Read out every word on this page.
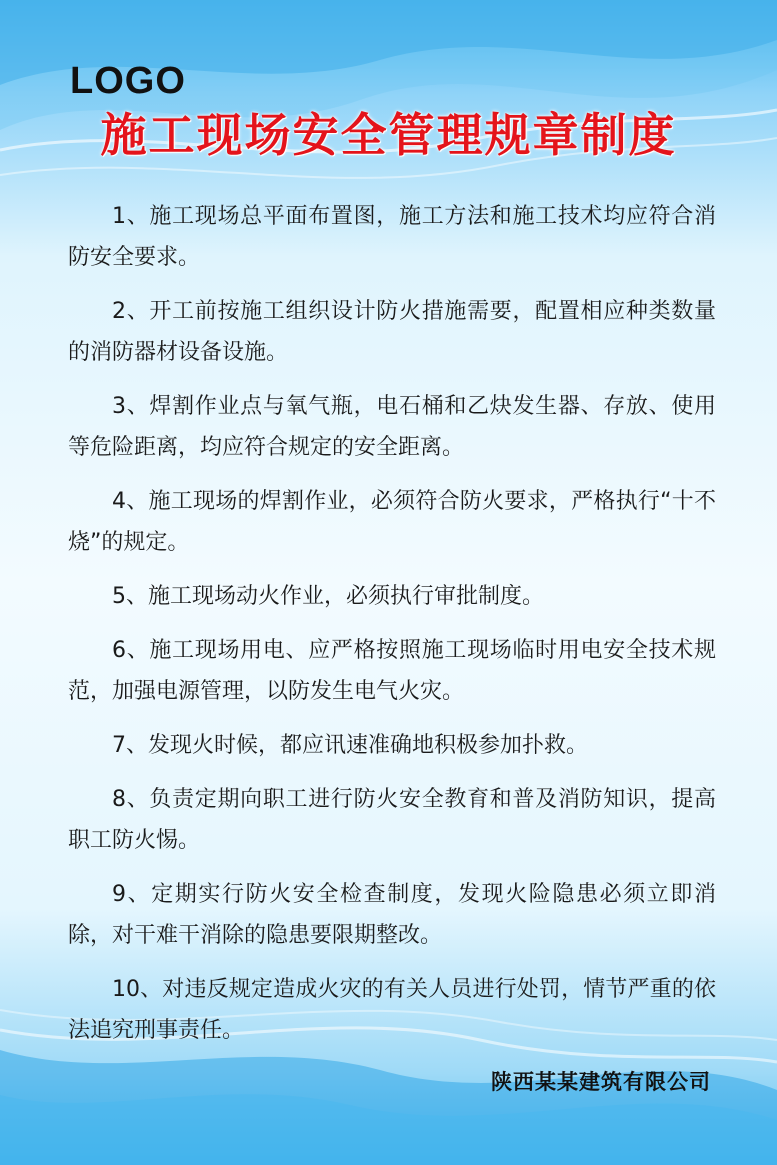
LOGO
施工现场安全管理规章制度
1、施工现场总平面布置图，施工方法和施工技术均应符合消防安全要求。
2、开工前按施工组织设计防火措施需要，配置相应种类数量的消防器材设备设施。
3、焊割作业点与氧气瓶，电石桶和乙炔发生器、存放、使用等危险距离，均应符合规定的安全距离。
4、施工现场的焊割作业，必须符合防火要求，严格执行“十不烧”的规定。
5、施工现场动火作业，必须执行审批制度。
6、施工现场用电、应严格按照施工现场临时用电安全技术规范，加强电源管理，以防发生电气火灾。
7、发现火时候，都应讯速准确地积极参加扑救。
8、负责定期向职工进行防火安全教育和普及消防知识，提高职工防火惕。
9、定期实行防火安全检查制度，发现火险隐患必须立即消除，对干难干消除的隐患要限期整改。
10、对违反规定造成火灾的有关人员进行处罚，情节严重的依法追究刑事责任。
陕西某某建筑有限公司
